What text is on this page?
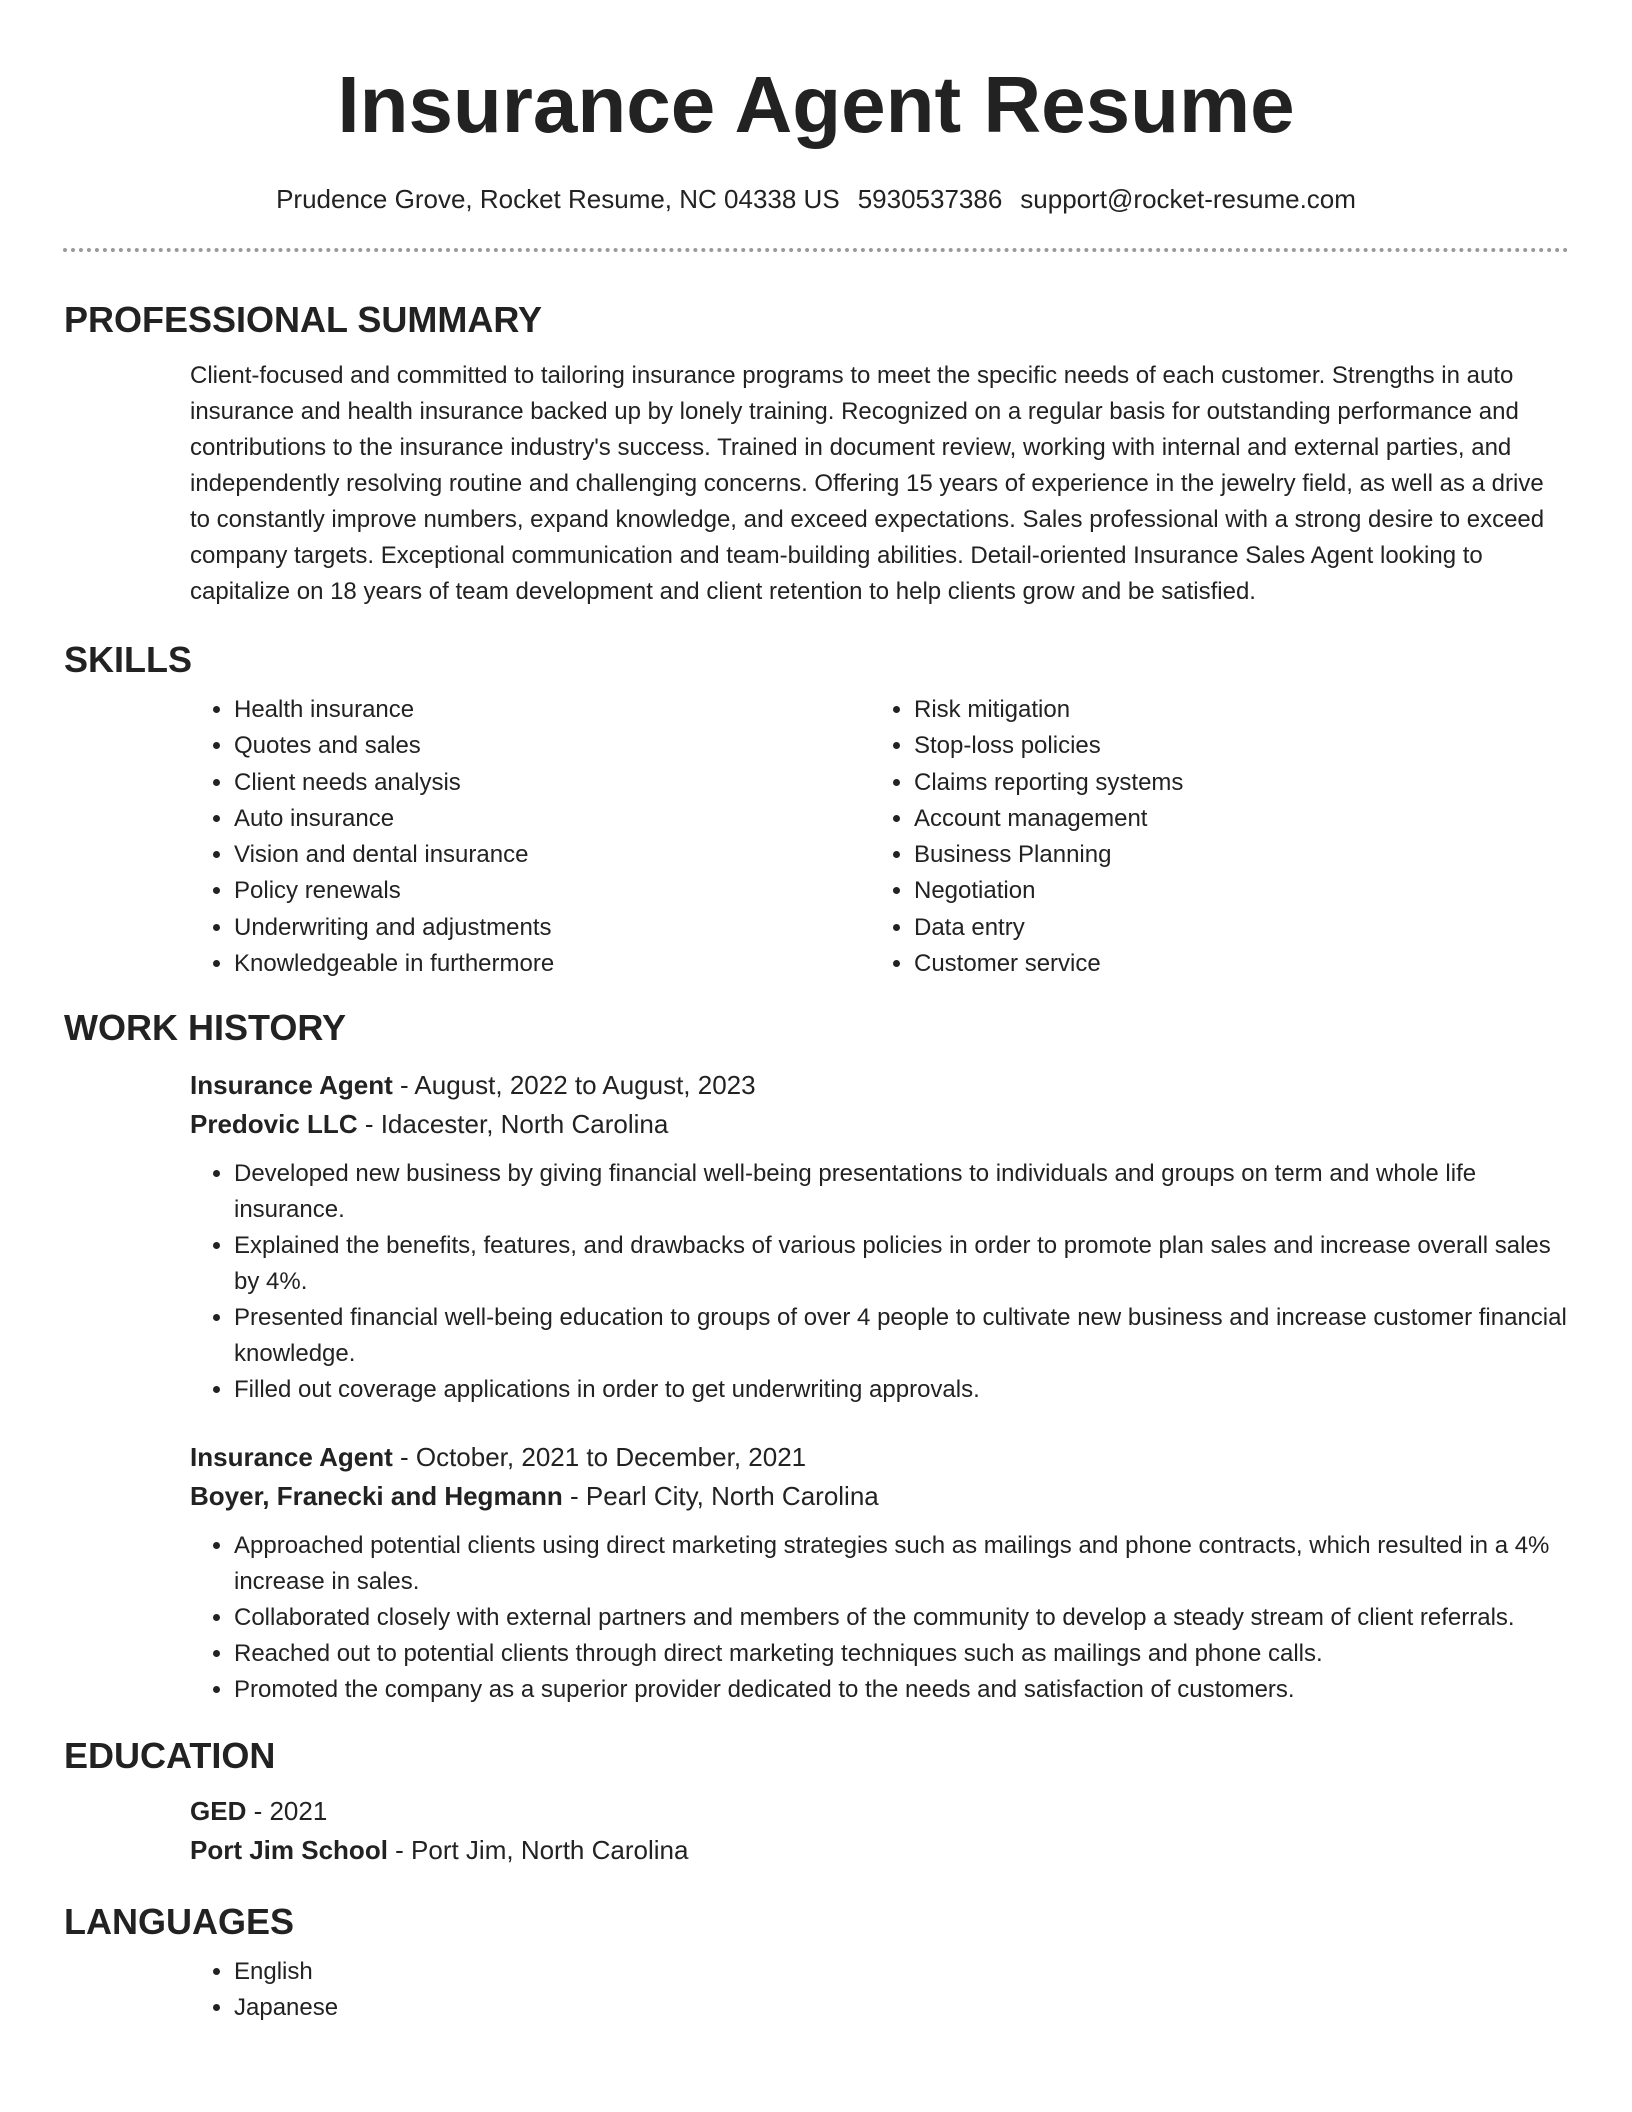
Insurance Agent Resume
Prudence Grove, Rocket Resume, NC 04338 US 5930537386 support@rocket-resume.com
PROFESSIONAL SUMMARY
Client-focused and committed to tailoring insurance programs to meet the specific needs of each customer. Strengths in auto insurance and health insurance backed up by lonely training. Recognized on a regular basis for outstanding performance and contributions to the insurance industry's success. Trained in document review, working with internal and external parties, and independently resolving routine and challenging concerns. Offering 15 years of experience in the jewelry field, as well as a drive to constantly improve numbers, expand knowledge, and exceed expectations. Sales professional with a strong desire to exceed company targets. Exceptional communication and team-building abilities. Detail-oriented Insurance Sales Agent looking to capitalize on 18 years of team development and client retention to help clients grow and be satisfied.
SKILLS
• Health insurance
• Quotes and sales
• Client needs analysis
• Auto insurance
• Vision and dental insurance
• Policy renewals
• Underwriting and adjustments
• Knowledgeable in furthermore
• Risk mitigation
• Stop-loss policies
• Claims reporting systems
• Account management
• Business Planning
• Negotiation
• Data entry
• Customer service
WORK HISTORY
Insurance Agent - August, 2022 to August, 2023
Predovic LLC - Idacester, North Carolina
• Developed new business by giving financial well-being presentations to individuals and groups on term and whole life insurance.
• Explained the benefits, features, and drawbacks of various policies in order to promote plan sales and increase overall sales by 4%.
• Presented financial well-being education to groups of over 4 people to cultivate new business and increase customer financial knowledge.
• Filled out coverage applications in order to get underwriting approvals.
Insurance Agent - October, 2021 to December, 2021
Boyer, Franecki and Hegmann - Pearl City, North Carolina
• Approached potential clients using direct marketing strategies such as mailings and phone contracts, which resulted in a 4% increase in sales.
• Collaborated closely with external partners and members of the community to develop a steady stream of client referrals.
• Reached out to potential clients through direct marketing techniques such as mailings and phone calls.
• Promoted the company as a superior provider dedicated to the needs and satisfaction of customers.
EDUCATION
GED - 2021
Port Jim School - Port Jim, North Carolina
LANGUAGES
• English
• Japanese
